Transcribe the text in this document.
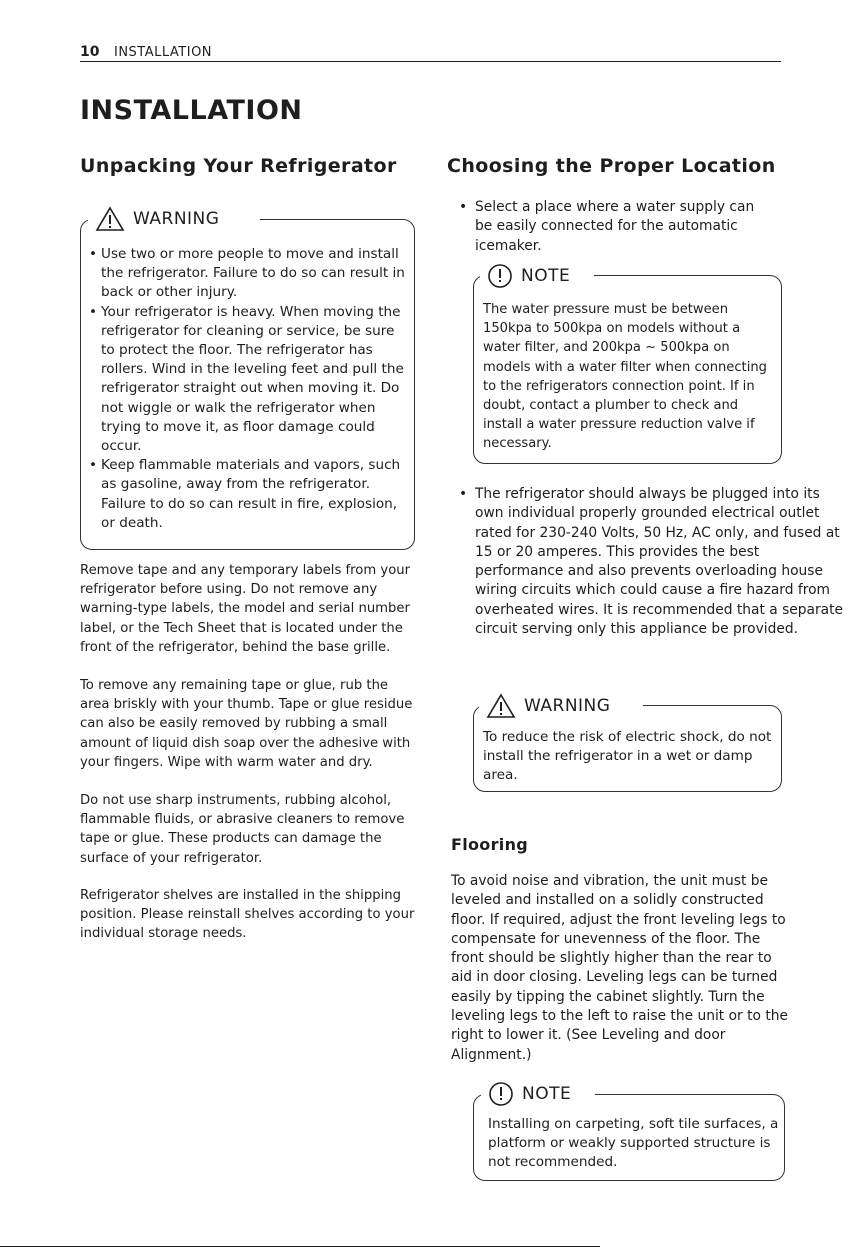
10 INSTALLATION
INSTALLATION
Unpacking Your Refrigerator
• Use two or more people to move and install the refrigerator. Failure to do so can result in back or other injury.
• Your refrigerator is heavy. When moving the refrigerator for cleaning or service, be sure to protect the floor. The refrigerator has rollers. Wind in the leveling feet and pull the refrigerator straight out when moving it. Do not wiggle or walk the refrigerator when trying to move it, as floor damage could occur.
• Keep flammable materials and vapors, such as gasoline, away from the refrigerator. Failure to do so can result in fire, explosion, or death.
WARNING
Remove tape and any temporary labels from your refrigerator before using. Do not remove any warning-type labels, the model and serial number label, or the Tech Sheet that is located under the front of the refrigerator, behind the base grille.
To remove any remaining tape or glue, rub the area briskly with your thumb. Tape or glue residue can also be easily removed by rubbing a small amount of liquid dish soap over the adhesive with your fingers. Wipe with warm water and dry.
Do not use sharp instruments, rubbing alcohol, flammable fluids, or abrasive cleaners to remove tape or glue. These products can damage the surface of your refrigerator.
Refrigerator shelves are installed in the shipping position. Please reinstall shelves according to your individual storage needs.
Choosing the Proper Location
• Select a place where a water supply can be easily connected for the automatic icemaker.
The water pressure must be between 150kpa to 500kpa on models without a water filter, and 200kpa ~ 500kpa on models with a water filter when connecting to the refrigerators connection point. If in doubt, contact a plumber to check and install a water pressure reduction valve if necessary.
NOTE
• The refrigerator should always be plugged into its own individual properly grounded electrical outlet rated for 230-240 Volts, 50 Hz, AC only, and fused at 15 or 20 amperes. This provides the best performance and also prevents overloading house wiring circuits which could cause a fire hazard from overheated wires. It is recommended that a separate circuit serving only this appliance be provided.
To reduce the risk of electric shock, do not install the refrigerator in a wet or damp area.
WARNING
Flooring
To avoid noise and vibration, the unit must be leveled and installed on a solidly constructed floor. If required, adjust the front leveling legs to compensate for unevenness of the floor. The front should be slightly higher than the rear to aid in door closing. Leveling legs can be turned easily by tipping the cabinet slightly. Turn the leveling legs to the left to raise the unit or to the right to lower it. (See Leveling and door Alignment.)
Installing on carpeting, soft tile surfaces, a platform or weakly supported structure is not recommended.
NOTE
